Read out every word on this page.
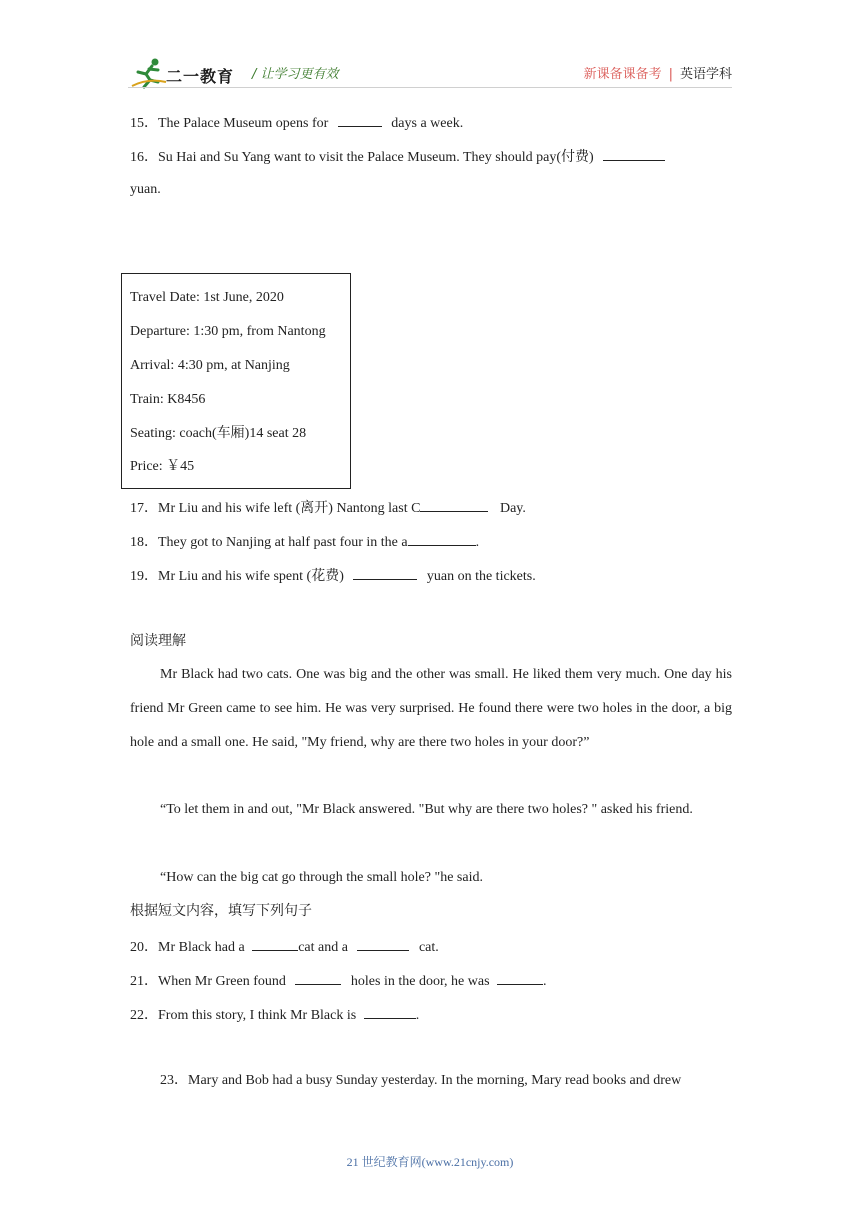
二一教育 / 让学习更有效	新课备课备考 | 英语学科
15．The Palace Museum opens for	days a week.
16．Su Hai and Su Yang want to visit the Palace Museum. They should pay(付费)
yuan.
Travel Date: 1st June, 2020
Departure: 1:30 pm, from Nantong
Arrival: 4:30 pm, at Nanjing
Train: K8456
Seating: coach(车厢)14 seat 28
Price: ￥45
17．Mr Liu and his wife left (离开) Nantong last C	Day.
18．They got to Nanjing at half past four in the a	.
19．Mr Liu and his wife spent (花费)	yuan on the tickets.
阅读理解
Mr Black had two cats. One was big and the other was small. He liked them very much. One day his friend Mr Green came to see him. He was very surprised. He found there were two holes in the door, a big hole and a small one. He said, "My friend, why are there two holes in your door?”
“To let them in and out, "Mr Black answered. "But why are there two holes? " asked his friend.
“How can the big cat go through the small hole? "he said.
根据短文内容，填写下列句子
20．Mr Black had a	cat and a	cat.
21．When Mr Green found	holes in the door, he was	.
22．From this story, I think Mr Black is	.
23．Mary and Bob had a busy Sunday yesterday. In the morning, Mary read books and drew
21 世纪教育网(www.21cnjy.com)
